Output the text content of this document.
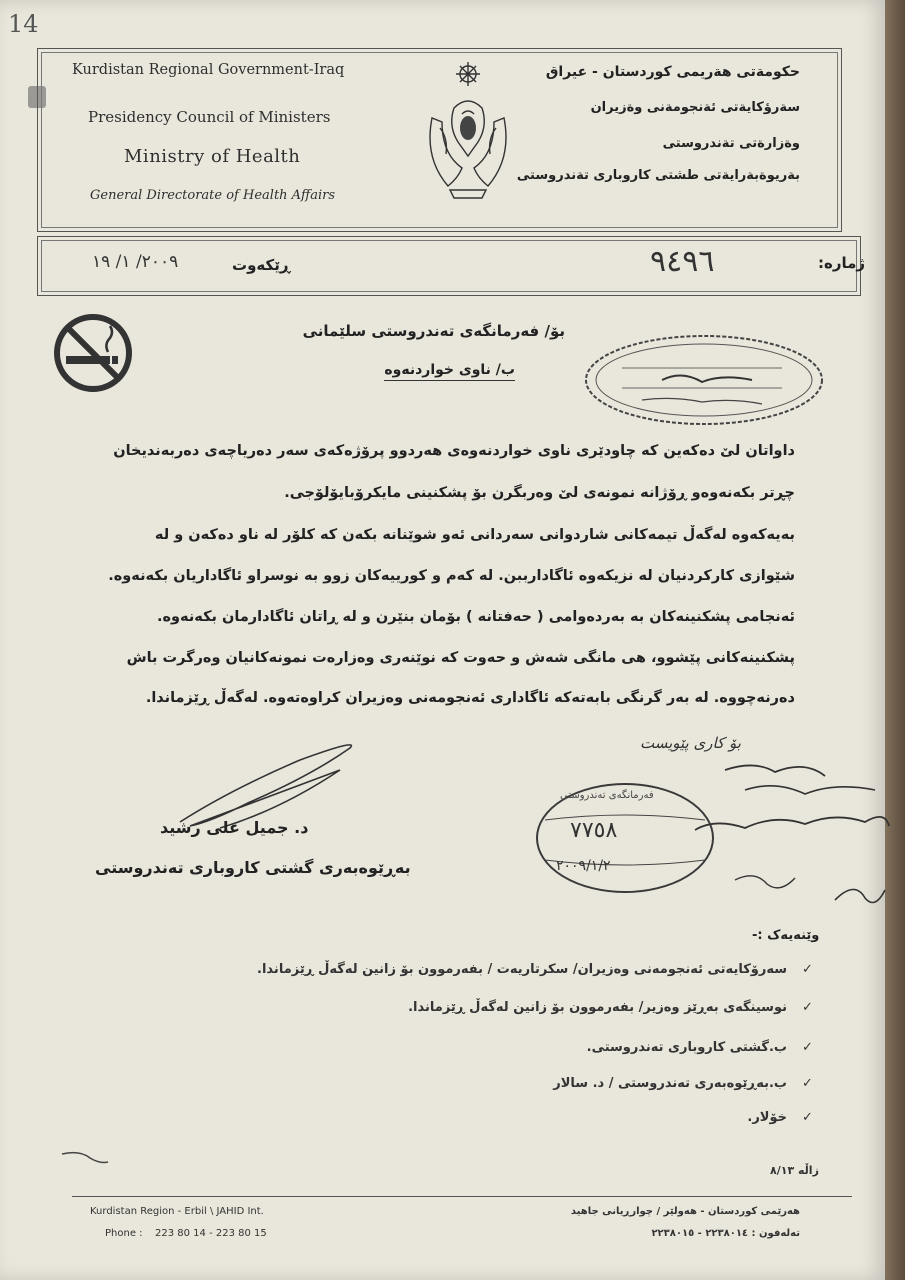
14
Kurdistan Regional Government-Iraq
Presidency Council of Ministers
Ministry of Health
General Directorate of Health Affairs
حكومةتى هةريمى كوردستان - عيراق
سةرؤكايةتى ئةنجومةنى وةزيران
وةزارةتى تةندروستى
بةريوةبةرايةتى طشتى كاروبارى تةندروستى
ژمارە:
٩٤٩٦
ڕێکەوت
٢٠٠٩/ ١/ ١٩
بۆ/ فەرمانگەی تەندروستی سلێمانی
ب/ ناوی خواردنەوە
داواتان لێ دەکەین کە چاودێری ناوی خواردنەوەی هەردوو پرۆژەکەی سەر دەریاچەی دەربەندیخان
چڕتر بکەنەوەو ڕۆژانە نمونەی لێ وەربگرن بۆ پشکنینی مایکرۆبایۆلۆجی.
بەیەکەوە لەگەڵ تیمەکانی شاردوانی سەردانی ئەو شوێنانە بکەن کە کلۆر لە ناو دەکەن و لە
شێوازی کارکردنیان لە نزیکەوە ئاگادارببن. لە کەم و کورییەکان زوو بە نوسراو ئاگاداریان بکەنەوە.
ئەنجامی پشکنینەکان بە بەردەوامی ( حەفتانە ) بۆمان بنێرن و لە ڕاتان ئاگادارمان بکەنەوە.
پشکنینەکانی پێشوو، هی مانگی شەش و حەوت کە نوێنەری وەزارەت نمونەکانیان وەرگرت باش
دەرنەچووە. لە بەر گرنگی بابەتەکە ئاگاداری ئەنجومەنی وەزیران کراوەتەوە. لەگەڵ ڕێزماندا.
د. جمیل علی رشید
بەڕێوەبەری گشتی کاروباری تەندروستی
٧٧٥٨
٢٠٠٩/١/٢
فەرمانگەی تەندروستی
بۆ کاری پێویست
وێنەیەک :-
✓
سەرۆکایەتی ئەنجومەنی وەزیران/ سکرتاریەت / بفەرموون بۆ زانین لەگەڵ ڕێزماندا.
✓
نوسینگەی بەڕێز وەزیر/ بفەرموون بۆ زانین لەگەڵ ڕێزماندا.
✓
ب.گشتی کاروباری تەندروستی.
✓
ب.بەڕێوەبەری تەندروستی / د. سالار
✓
خۆلار.
زاڵە ٨/١٣
Kurdistan Region - Erbil \ JAHID Int.
Phone : 223 80 14 - 223 80 15
هەرێمی کوردستان - هەولێر / چوارڕیانی جاهید
تەلەفون : ٢٢٣٨٠١٤ - ٢٢٣٨٠١٥
